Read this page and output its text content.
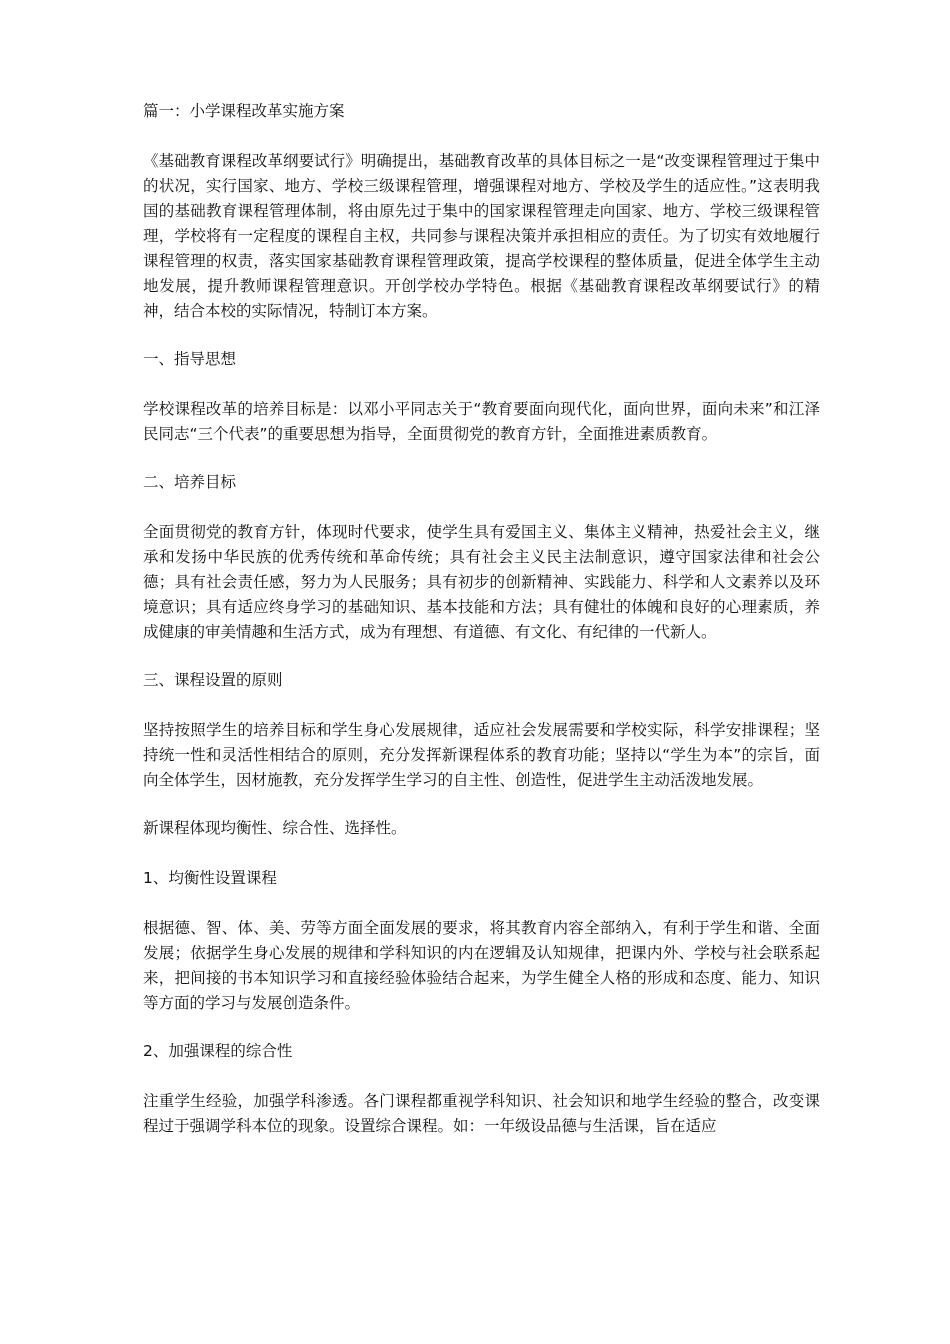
篇一：小学课程改革实施方案

《基础教育课程改革纲要试行》明确提出，基础教育改革的具体目标之一是“改变课程管理过于集中的状况，实行国家、地方、学校三级课程管理，增强课程对地方、学校及学生的适应性。”这表明我国的基础教育课程管理体制，将由原先过于集中的国家课程管理走向国家、地方、学校三级课程管理，学校将有一定程度的课程自主权，共同参与课程决策并承担相应的责任。为了切实有效地履行课程管理的权责，落实国家基础教育课程管理政策，提高学校课程的整体质量，促进全体学生主动地发展，提升教师课程管理意识。开创学校办学特色。根据《基础教育课程改革纲要试行》的精神，结合本校的实际情况，特制订本方案。

一、指导思想

学校课程改革的培养目标是：以邓小平同志关于“教育要面向现代化，面向世界，面向未来”和江泽民同志“三个代表”的重要思想为指导，全面贯彻党的教育方针，全面推进素质教育。

二、培养目标

全面贯彻党的教育方针，体现时代要求，使学生具有爱国主义、集体主义精神，热爱社会主义，继承和发扬中华民族的优秀传统和革命传统；具有社会主义民主法制意识，遵守国家法律和社会公德；具有社会责任感，努力为人民服务；具有初步的创新精神、实践能力、科学和人文素养以及环境意识；具有适应终身学习的基础知识、基本技能和方法；具有健壮的体魄和良好的心理素质，养成健康的审美情趣和生活方式，成为有理想、有道德、有文化、有纪律的一代新人。

三、课程设置的原则

坚持按照学生的培养目标和学生身心发展规律，适应社会发展需要和学校实际，科学安排课程；坚持统一性和灵活性相结合的原则，充分发挥新课程体系的教育功能；坚持以“学生为本”的宗旨，面向全体学生，因材施教，充分发挥学生学习的自主性、创造性，促进学生主动活泼地发展。

新课程体现均衡性、综合性、选择性。

1、均衡性设置课程

根据德、智、体、美、劳等方面全面发展的要求，将其教育内容全部纳入，有利于学生和谐、全面发展；依据学生身心发展的规律和学科知识的内在逻辑及认知规律，把课内外、学校与社会联系起来，把间接的书本知识学习和直接经验体验结合起来，为学生健全人格的形成和态度、能力、知识等方面的学习与发展创造条件。

2、加强课程的综合性

注重学生经验，加强学科渗透。各门课程都重视学科知识、社会知识和地学生经验的整合，改变课程过于强调学科本位的现象。设置综合课程。如：一年级设品德与生活课，旨在适应
